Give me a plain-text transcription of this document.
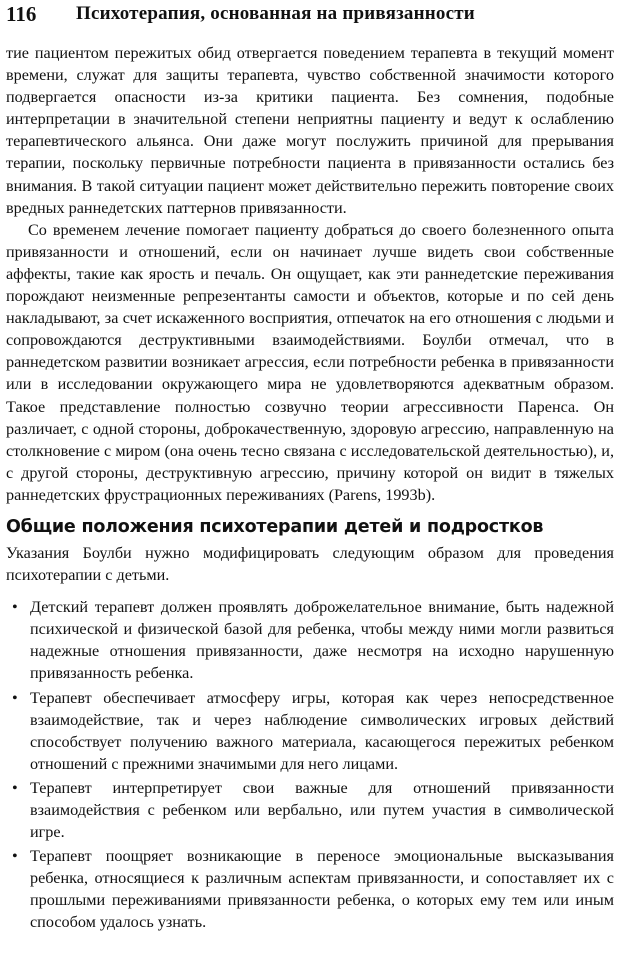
116	Психотерапия, основанная на привязанности

тие пациентом пережитых обид отвергается поведением терапевта в текущий момент времени, служат для защиты терапевта, чувство собственной значимости которого подвергается опасности из-за критики пациента. Без сомнения, подобные интерпретации в значительной степени неприятны пациенту и ведут к ослаблению терапевтического альянса. Они даже могут послужить причиной для прерывания терапии, поскольку первичные потребности пациента в привязанности остались без внимания. В такой ситуации пациент может действительно пережить повторение своих вредных раннедетских паттернов привязанности.

Со временем лечение помогает пациенту добраться до своего болезненного опыта привязанности и отношений, если он начинает лучше видеть свои собственные аффекты, такие как ярость и печаль. Он ощущает, как эти раннедетские переживания порождают неизменные репрезентанты самости и объектов, которые и по сей день накладывают, за счет искаженного восприятия, отпечаток на его отношения с людьми и сопровождаются деструктивными взаимодействиями. Боулби отмечал, что в раннедетском развитии возникает агрессия, если потребности ребенка в привязанности или в исследовании окружающего мира не удовлетворяются адекватным образом. Такое представление полностью созвучно теории агрессивности Паренса. Он различает, с одной стороны, доброкачественную, здоровую агрессию, направленную на столкновение с миром (она очень тесно связана с исследовательской деятельностью), и, с другой стороны, деструктивную агрессию, причину которой он видит в тяжелых раннедетских фрустрационных переживаниях (Parens, 1993b).

Общие положения психотерапии детей и подростков

Указания Боулби нужно модифицировать следующим образом для проведения психотерапии с детьми.

• Детский терапевт должен проявлять доброжелательное внимание, быть надежной психической и физической базой для ребенка, чтобы между ними могли развиться надежные отношения привязанности, даже несмотря на исходно нарушенную привязанность ребенка.
• Терапевт обеспечивает атмосферу игры, которая как через непосредственное взаимодействие, так и через наблюдение символических игровых действий способствует получению важного материала, касающегося пережитых ребенком отношений с прежними значимыми для него лицами.
• Терапевт интерпретирует свои важные для отношений привязанности взаимодействия с ребенком или вербально, или путем участия в символической игре.
• Терапевт поощряет возникающие в переносе эмоциональные высказывания ребенка, относящиеся к различным аспектам привязанности, и сопоставляет их с прошлыми переживаниями привязанности ребенка, о которых ему тем или иным способом удалось узнать.
